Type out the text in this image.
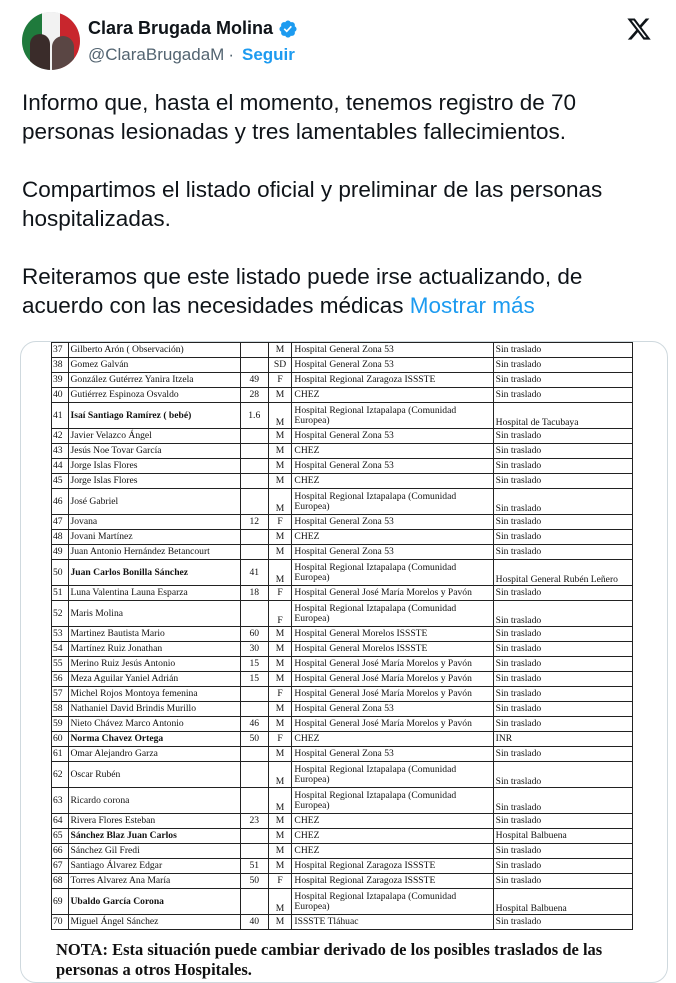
Clara Brugada Molina
@ClaraBrugadaM · Seguir

Informo que, hasta el momento, tenemos registro de 70 personas lesionadas y tres lamentables fallecimientos.

Compartimos el listado oficial y preliminar de las personas hospitalizadas.

Reiteramos que este listado puede irse actualizando, de acuerdo con las necesidades médicas Mostrar más

37	Gilberto Arón ( Observación)		M	Hospital General Zona 53	Sin traslado
38	Gomez Galván		SD	Hospital General Zona 53	Sin traslado
39	González Gutérrez Yanira Itzela	49	F	Hospital Regional Zaragoza ISSSTE	Sin traslado
40	Gutiérrez Espinoza Osvaldo	28	M	CHEZ	Sin traslado
41	Isaí Santiago Ramírez ( bebé)	1.6	M	Hospital Regional Iztapalapa (Comunidad Europea)	Hospital de Tacubaya
42	Javier Velazco Ángel		M	Hospital General Zona 53	Sin traslado
43	Jesús Noe Tovar García		M	CHEZ	Sin traslado
44	Jorge Islas Flores		M	Hospital General Zona 53	Sin traslado
45	Jorge Islas Flores		M	CHEZ	Sin traslado
46	José Gabriel		M	Hospital Regional Iztapalapa (Comunidad Europea)	Sin traslado
47	Jovana	12	F	Hospital General Zona 53	Sin traslado
48	Jovani Martínez		M	CHEZ	Sin traslado
49	Juan Antonio Hernández Betancourt		M	Hospital General Zona 53	Sin traslado
50	Juan Carlos Bonilla Sánchez	41	M	Hospital Regional Iztapalapa (Comunidad Europea)	Hospital General Rubén Leñero
51	Luna Valentina Launa Esparza	18	F	Hospital General José María Morelos y Pavón	Sin traslado
52	Maris Molina		F	Hospital Regional Iztapalapa (Comunidad Europea)	Sin traslado
53	Martinez Bautista Mario	60	M	Hospital General Morelos ISSSTE	Sin traslado
54	Martínez Ruiz Jonathan	30	M	Hospital General Morelos ISSSTE	Sin traslado
55	Merino Ruiz Jesús Antonio	15	M	Hospital General José María Morelos y Pavón	Sin traslado
56	Meza Aguilar Yaniel Adrián	15	M	Hospital General José María Morelos y Pavón	Sin traslado
57	Michel Rojos Montoya femenina		F	Hospital General José María Morelos y Pavón	Sin traslado
58	Nathaniel David Brindis Murillo		M	Hospital General Zona 53	Sin traslado
59	Nieto Chávez Marco Antonio	46	M	Hospital General José María Morelos y Pavón	Sin traslado
60	Norma Chavez Ortega	50	F	CHEZ	INR
61	Omar Alejandro Garza		M	Hospital General Zona 53	Sin traslado
62	Oscar Rubén		M	Hospital Regional Iztapalapa (Comunidad Europea)	Sin traslado
63	Ricardo corona		M	Hospital Regional Iztapalapa (Comunidad Europea)	Sin traslado
64	Rivera Flores Esteban	23	M	CHEZ	Sin traslado
65	Sánchez Blaz Juan Carlos		M	CHEZ	Hospital Balbuena
66	Sánchez Gil Fredi		M	CHEZ	Sin traslado
67	Santiago Álvarez Edgar	51	M	Hospital Regional Zaragoza ISSSTE	Sin traslado
68	Torres Alvarez Ana María	50	F	Hospital Regional Zaragoza ISSSTE	Sin traslado
69	Ubaldo García Corona		M	Hospital Regional Iztapalapa (Comunidad Europea)	Hospital Balbuena
70	Miguel Ángel Sánchez	40	M	ISSSTE Tláhuac	Sin traslado
NOTA: Esta situación puede cambiar derivado de los posibles traslados de las personas a otros Hospitales.
